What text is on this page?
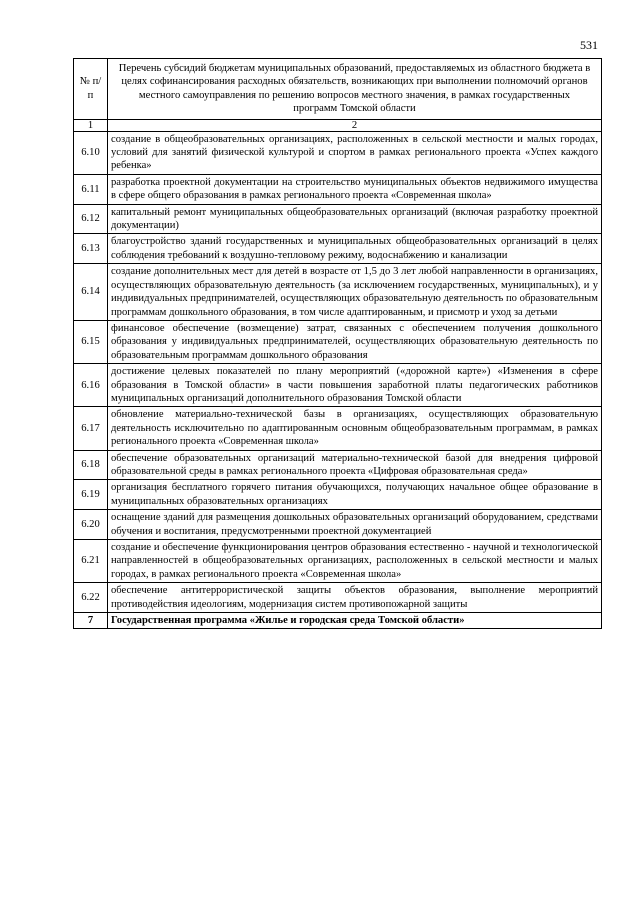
531
№ п/п	Перечень субсидий бюджетам муниципальных образований, предоставляемых из областного бюджета в целях софинансирования расходных обязательств, возникающих при выполнении полномочий органов местного самоуправления по решению вопросов местного значения, в рамках государственных программ Томской области
1	2
6.10	создание в общеобразовательных организациях, расположенных в сельской местности и малых городах, условий для занятий физической культурой и спортом в рамках регионального проекта «Успех каждого ребенка»
6.11	разработка проектной документации на строительство муниципальных объектов недвижимого имущества в сфере общего образования в рамках регионального проекта «Современная школа»
6.12	капитальный ремонт муниципальных общеобразовательных организаций (включая разработку проектной документации)
6.13	благоустройство зданий государственных и муниципальных общеобразовательных организаций в целях соблюдения требований к воздушно-тепловому режиму, водоснабжению и канализации
6.14	создание дополнительных мест для детей в возрасте от 1,5 до 3 лет любой направленности в организациях, осуществляющих образовательную деятельность (за исключением государственных, муниципальных), и у индивидуальных предпринимателей, осуществляющих образовательную деятельность по образовательным программам дошкольного образования, в том числе адаптированным, и присмотр и уход за детьми
6.15	финансовое обеспечение (возмещение) затрат, связанных с обеспечением получения дошкольного образования у индивидуальных предпринимателей, осуществляющих образовательную деятельность по образовательным программам дошкольного образования
6.16	достижение целевых показателей по плану мероприятий («дорожной карте») «Изменения в сфере образования в Томской области» в части повышения заработной платы педагогических работников муниципальных организаций дополнительного образования Томской области
6.17	обновление материально-технической базы в организациях, осуществляющих образовательную деятельность исключительно по адаптированным основным общеобразовательным программам, в рамках регионального проекта «Современная школа»
6.18	обеспечение образовательных организаций материально-технической базой для внедрения цифровой образовательной среды в рамках регионального проекта «Цифровая образовательная среда»
6.19	организация бесплатного горячего питания обучающихся, получающих начальное общее образование в муниципальных образовательных организациях
6.20	оснащение зданий для размещения дошкольных образовательных организаций оборудованием, средствами обучения и воспитания, предусмотренными проектной документацией
6.21	создание и обеспечение функционирования центров образования естественно - научной и технологической направленностей в общеобразовательных организациях, расположенных в сельской местности и малых городах, в рамках регионального проекта «Современная школа»
6.22	обеспечение антитеррористической защиты объектов образования, выполнение мероприятий противодействия идеологиям, модернизация систем противопожарной защиты
7	Государственная программа «Жилье и городская среда Томской области»
